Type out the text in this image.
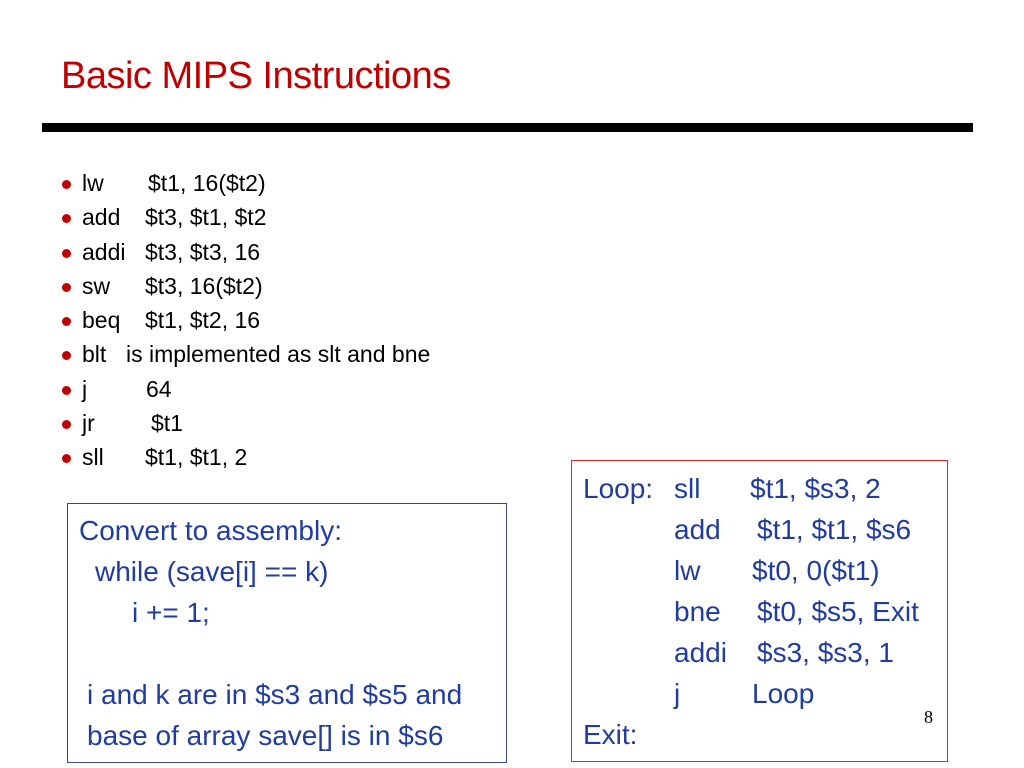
Basic MIPS Instructions
lw $t1, 16($t2)
add $t3, $t1, $t2
addi $t3, $t3, 16
sw $t3, 16($t2)
beq $t1, $t2, 16
blt is implemented as slt and bne
j	64
jr $t1
sll $t1, $t1, 2
Convert to assembly:
while (save[i] == k)
i += 1;
i and k are in $s3 and $s5 and
base of array save[] is in $s6
Loop: sll $t1, $s3, 2
add $t1, $t1, $s6
lw $t0, 0($t1)
bne $t0, $s5, Exit
addi $s3, $s3, 1
j	Loop
Exit:
8
